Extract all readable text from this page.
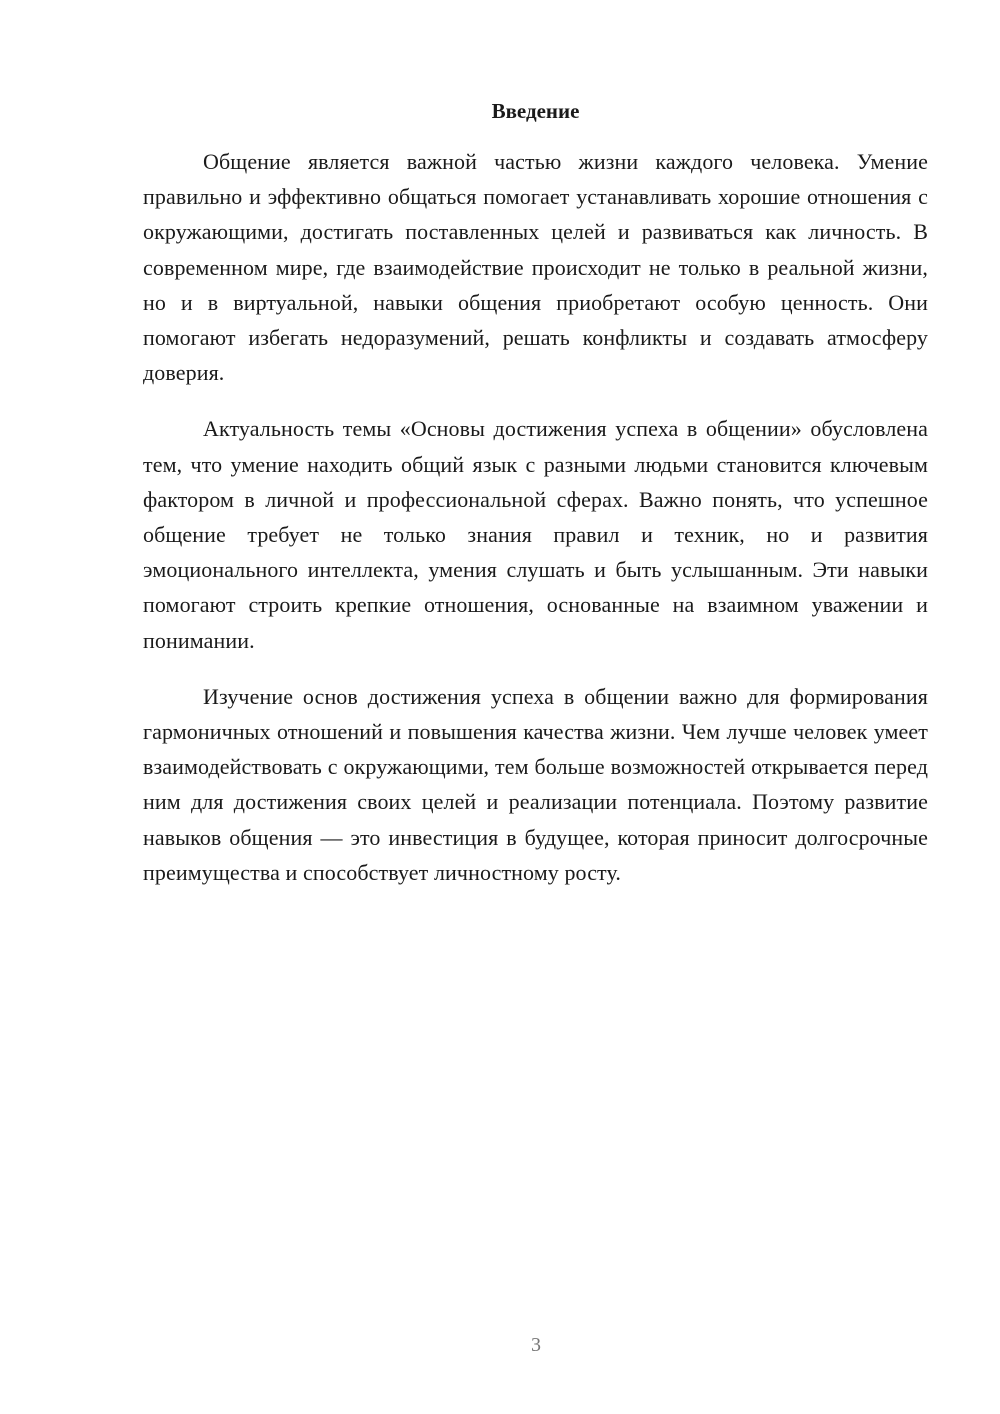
Введение

Общение является важной частью жизни каждого человека. Умение правильно и эффективно общаться помогает устанавливать хорошие отношения с окружающими, достигать поставленных целей и развиваться как личность. В современном мире, где взаимодействие происходит не только в реальной жизни, но и в виртуальной, навыки общения приобретают особую ценность. Они помогают избегать недоразумений, решать конфликты и создавать атмосферу доверия.

Актуальность темы «Основы достижения успеха в общении» обусловлена тем, что умение находить общий язык с разными людьми становится ключевым фактором в личной и профессиональной сферах. Важно понять, что успешное общение требует не только знания правил и техник, но и развития эмоционального интеллекта, умения слушать и быть услышанным. Эти навыки помогают строить крепкие отношения, основанные на взаимном уважении и понимании.

Изучение основ достижения успеха в общении важно для формирования гармоничных отношений и повышения качества жизни. Чем лучше человек умеет взаимодействовать с окружающими, тем больше возможностей открывается перед ним для достижения своих целей и реализации потенциала. Поэтому развитие навыков общения — это инвестиция в будущее, которая приносит долгосрочные преимущества и способствует личностному росту.

3
